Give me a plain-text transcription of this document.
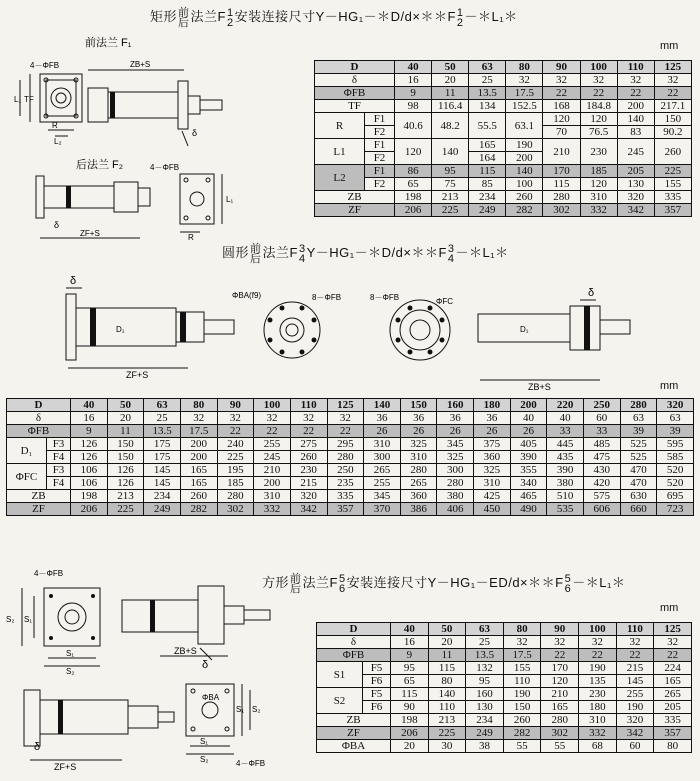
矩形 前
后 法兰F 1
2 安装连接尺寸Y－HG₁－＊D/d×＊＊F 1
2 －＊L₁＊
前法兰 F₁
后法兰 F₂
4－ΦFB	ZB+S
δ
L₁ TF
R
L₂
4－ΦFB
δ
ZF+S
L₁
R
mm
D		40	50	63	80	90	100	110	125
δ		16	20	25	32	32	32	32	32
ΦFB		9	11	13.5	17.5	22	22	22	22
TF		98	116.4	134	152.5	168	184.8	200	217.1
R	F1	40.6	48.2	55.5	63.1	120	120	140	150
	F2					70	76.5	83	90.2
L1	F1	120	140	165	190	210	230	245	260
	F2			164	200				
L2	F1	86	95	115	140	170	185	205	225
	F2	65	75	85	100	115	120	130	155
ZB		198	213	234	260	280	310	320	335
ZF		206	225	249	282	302	332	342	357
圆形 前
后 法兰F 3
4 Y－HG₁－＊D/d×＊＊F 3
4 －＊L₁＊
δ
D₁
ZF+S
ΦBA(f9)	8－ΦFB	8－ΦFB	ΦFC
δ
D₁
ZB+S	mm
D		40	50	63	80	90	100	110	125	140	150	160	180	200	220	250	280	320
δ		16	20	25	32	32	32	32	32	36	36	36	36	40	40	60	63	63
ΦFB		9	11	13.5	17.5	22	22	22	22	26	26	26	26	26	33	33	39	39
D₁	F3	126	150	175	200	240	255	275	295	310	325	345	375	405	445	485	525	595
	F4	126	150	175	200	225	245	260	280	300	310	325	360	390	435	475	525	585
ΦFC	F3	106	126	145	165	195	210	230	250	265	280	300	325	355	390	430	470	520
	F4	106	126	145	165	185	200	215	235	255	265	280	310	340	380	420	470	520
ZB		198	213	234	260	280	310	320	335	345	360	380	425	465	510	575	630	695
ZF		206	225	249	282	302	332	342	357	370	386	406	450	490	535	606	660	723
方形 前
后 法兰F 5
6 安装连接尺寸Y－HG₁－ED/d×＊＊F 5
6 －＊L₁＊
4－ΦFB
S₂ S₁
S₁
S₂
ZB+S
δ
δ
ZF+S
ΦBA
S₁ S₂
S₁
S₂	4－ΦFB
mm
D		40	50	63	80	90	100	110	125
δ		16	20	25	32	32	32	32	32
ΦFB		9	11	13.5	17.5	22	22	22	22
S1	F5	95	115	132	155	170	190	215	224
	F6	65	80	95	110	120	135	145	165
S2	F5	115	140	160	190	210	230	255	265
	F6	90	110	130	150	165	180	190	205
ZB		198	213	234	260	280	310	320	335
ZF		206	225	249	282	302	332	342	357
ΦBA		20	30	38	55	55	68	60	80
